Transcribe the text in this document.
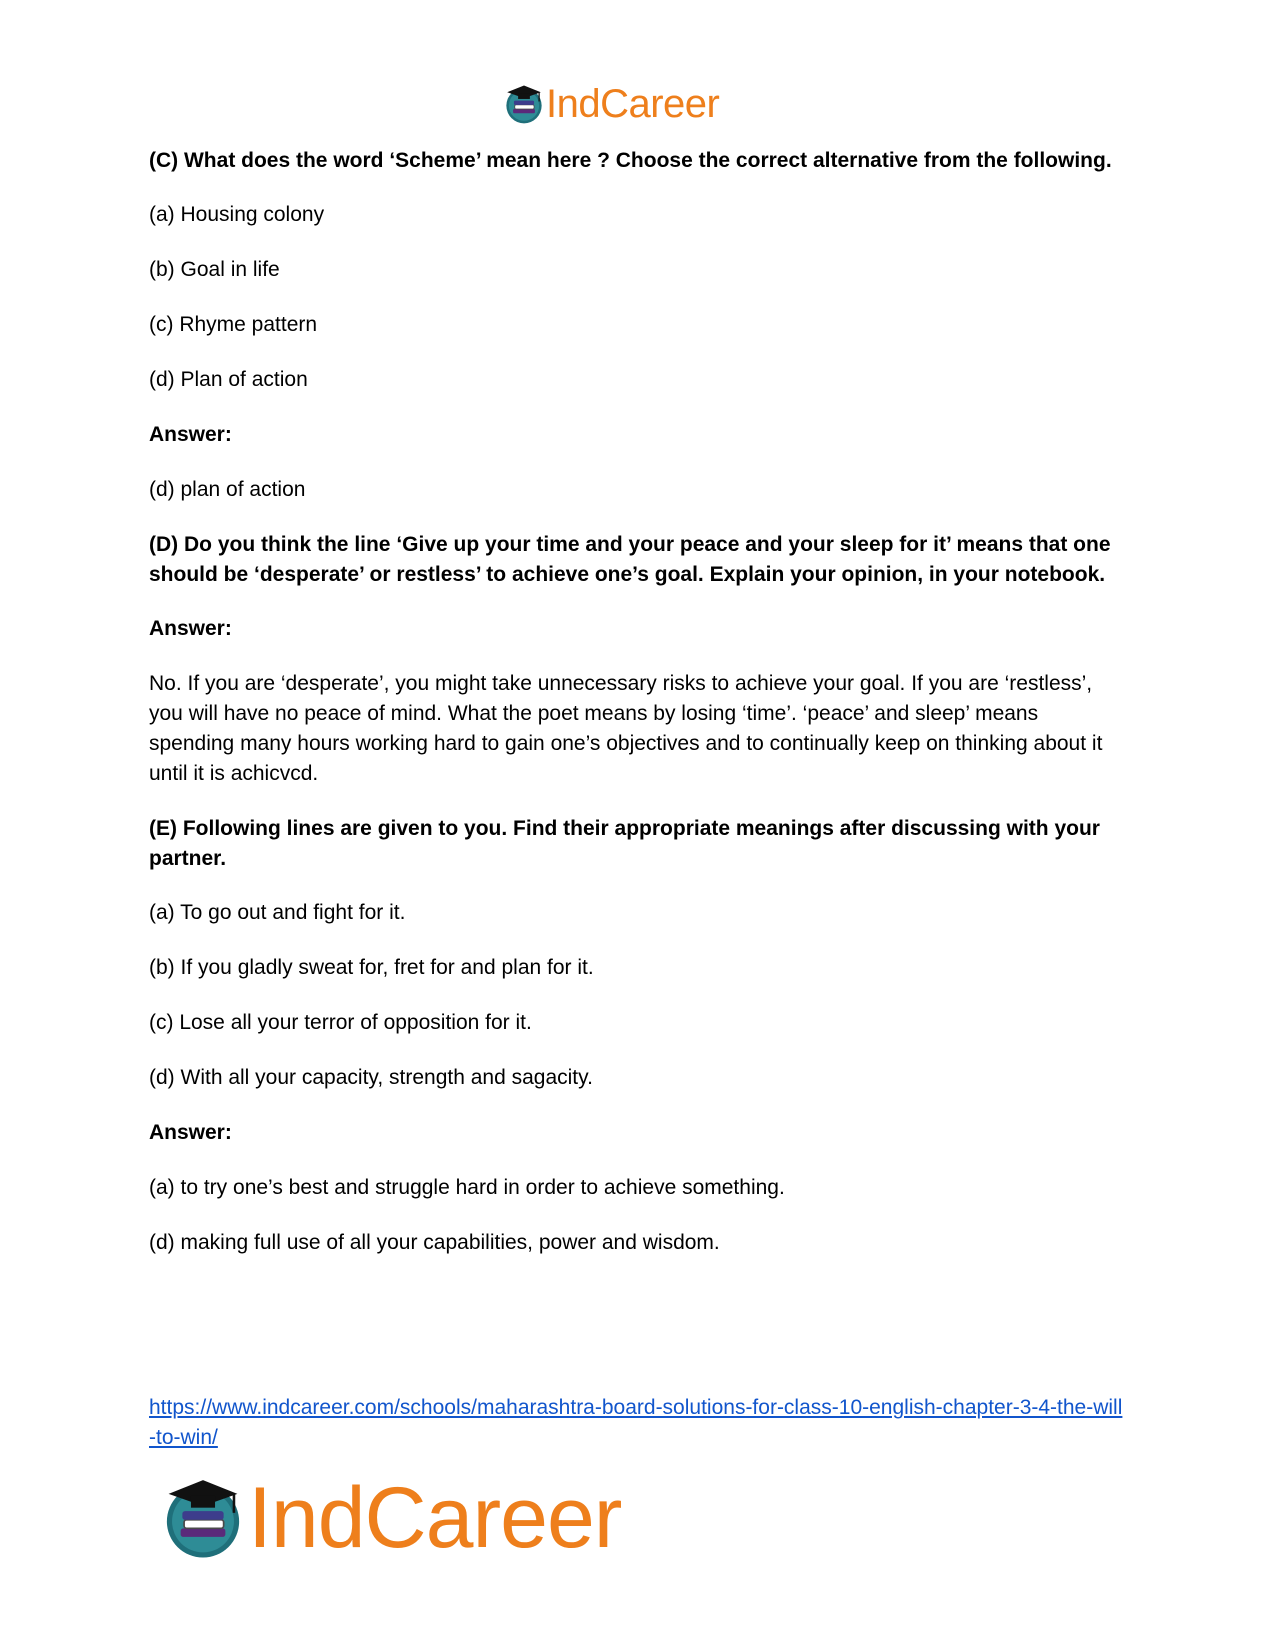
IndCareer
(C) What does the word ‘Scheme’ mean here ? Choose the correct alternative from the following.
(a) Housing colony
(b) Goal in life
(c) Rhyme pattern
(d) Plan of action
Answer:
(d) plan of action
(D) Do you think the line ‘Give up your time and your peace and your sleep for it’ means that one should be ‘desperate’ or restless’ to achieve one’s goal. Explain your opinion, in your notebook.
Answer:
No. If you are ‘desperate’, you might take unnecessary risks to achieve your goal. If you are ‘restless’, you will have no peace of mind. What the poet means by losing ‘time’. ‘peace’ and sleep’ means spending many hours working hard to gain one’s objectives and to continually keep on thinking about it until it is achicvcd.
(E) Following lines are given to you. Find their appropriate meanings after discussing with your partner.
(a) To go out and fight for it.
(b) If you gladly sweat for, fret for and plan for it.
(c) Lose all your terror of opposition for it.
(d) With all your capacity, strength and sagacity.
Answer:
(a) to try one’s best and struggle hard in order to achieve something.
(d) making full use of all your capabilities, power and wisdom.
https://www.indcareer.com/schools/maharashtra-board-solutions-for-class-10-english-chapter-3-4-the-will-to-win/
IndCareer
